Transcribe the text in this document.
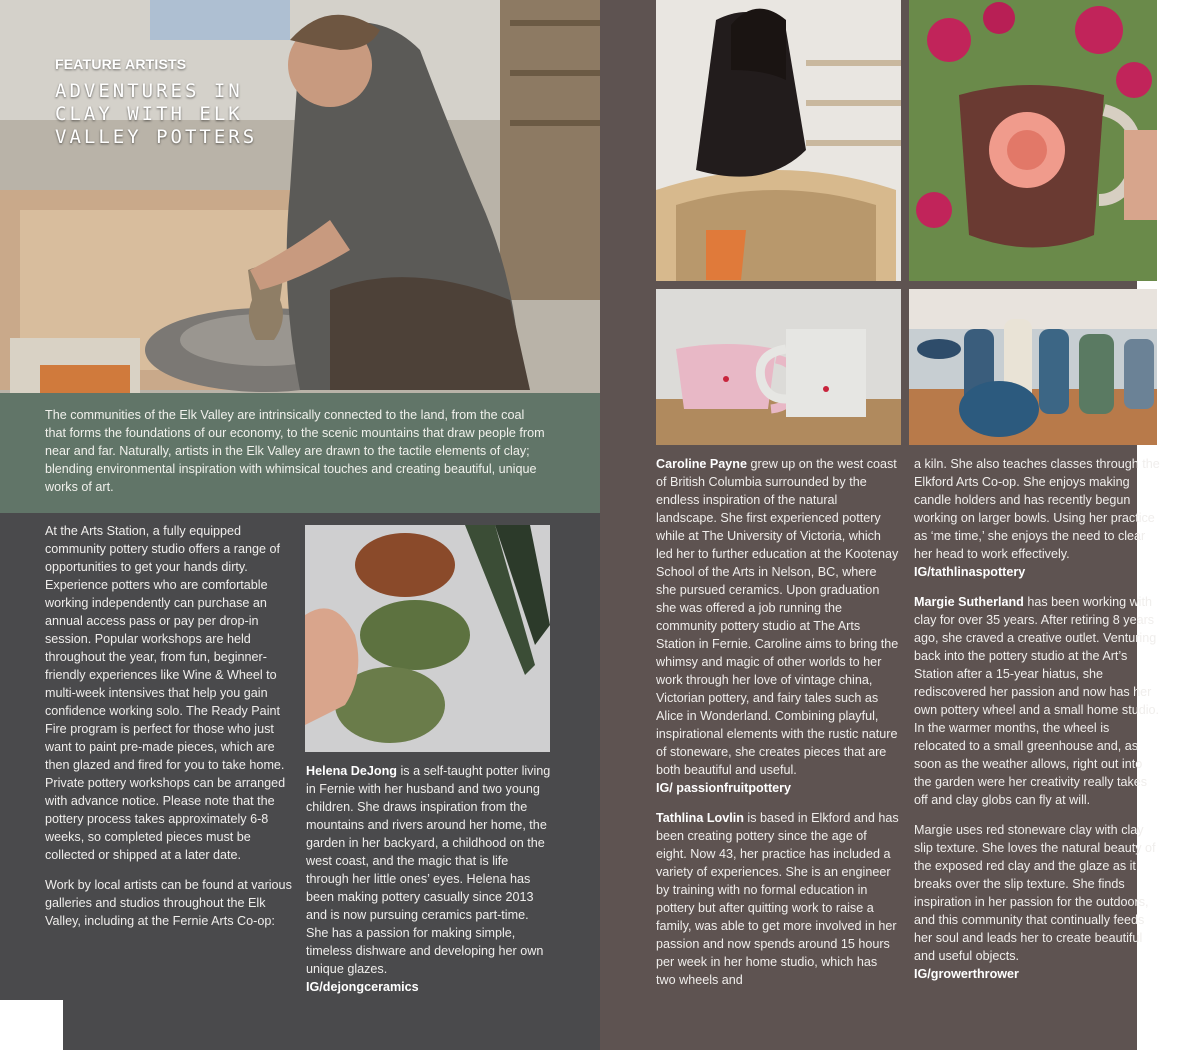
FEATURE ARTISTS
ADVENTURES IN CLAY WITH ELK VALLEY POTTERS
The communities of the Elk Valley are intrinsically connected to the land, from the coal that forms the foundations of our economy, to the scenic mountains that draw people from near and far. Naturally, artists in the Elk Valley are drawn to the tactile elements of clay; blending environmental inspiration with whimsical touches and creating beautiful, unique works of art.

At the Arts Station, a fully equipped community pottery studio offers a range of opportunities to get your hands dirty. Experience potters who are comfortable working independently can purchase an annual access pass or pay per drop-in session. Popular workshops are held throughout the year, from fun, beginner-friendly experiences like Wine & Wheel to multi-week intensives that help you gain confidence working solo. The Ready Paint Fire program is perfect for those who just want to paint pre-made pieces, which are then glazed and fired for you to take home. Private pottery workshops can be arranged with advance notice. Please note that the pottery process takes approximately 6-8 weeks, so completed pieces must be collected or shipped at a later date.

Work by local artists can be found at various galleries and studios throughout the Elk Valley, including at the Fernie Arts Co-op:

Helena DeJong is a self-taught potter living in Fernie with her husband and two young children. She draws inspiration from the mountains and rivers around her home, the garden in her backyard, a childhood on the west coast, and the magic that is life through her little ones’ eyes. Helena has been making pottery casually since 2013 and is now pursuing ceramics part-time. She has a passion for making simple, timeless dishware and developing her own unique glazes.
IG/dejongceramics

Caroline Payne grew up on the west coast of British Columbia surrounded by the endless inspiration of the natural landscape. She first experienced pottery while at The University of Victoria, which led her to further education at the Kootenay School of the Arts in Nelson, BC, where she pursued ceramics. Upon graduation she was offered a job running the community pottery studio at The Arts Station in Fernie. Caroline aims to bring the whimsy and magic of other worlds to her work through her love of vintage china, Victorian pottery, and fairy tales such as Alice in Wonderland. Combining playful, inspirational elements with the rustic nature of stoneware, she creates pieces that are both beautiful and useful.
IG/ passionfruitpottery

Tathlina Lovlin is based in Elkford and has been creating pottery since the age of eight. Now 43, her practice has included a variety of experiences. She is an engineer by training with no formal education in pottery but after quitting work to raise a family, was able to get more involved in her passion and now spends around 15 hours per week in her home studio, which has two wheels and

a kiln. She also teaches classes through the Elkford Arts Co-op. She enjoys making candle holders and has recently begun working on larger bowls. Using her practice as ‘me time,’ she enjoys the need to clear her head to work effectively. IG/tathlinaspottery

Margie Sutherland has been working with clay for over 35 years. After retiring 8 years ago, she craved a creative outlet. Venturing back into the pottery studio at the Art’s Station after a 15-year hiatus, she rediscovered her passion and now has her own pottery wheel and a small home studio. In the warmer months, the wheel is relocated to a small greenhouse and, as soon as the weather allows, right out into the garden were her creativity really takes off and clay globs can fly at will.

Margie uses red stoneware clay with clay slip texture. She loves the natural beauty of the exposed red clay and the glaze as it breaks over the slip texture. She finds inspiration in her passion for the outdoors, and this community that continually feeds her soul and leads her to create beautiful and useful objects.
IG/growerthrower
